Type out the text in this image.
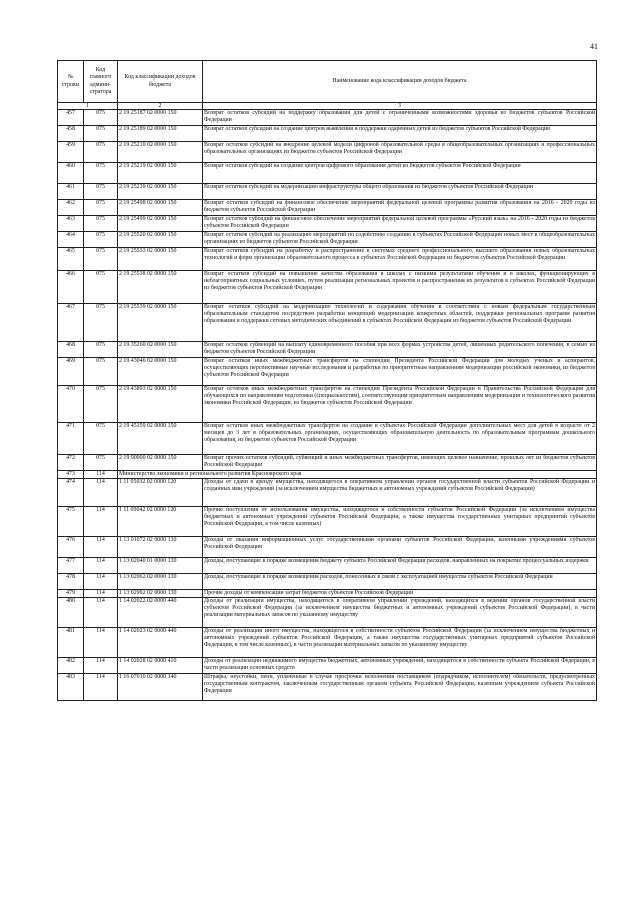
41
№ строки	Код главного админи-стратора	Код классификации доходов бюджета	Наименование кода классификации доходов бюджета
1		2	3
457	075	2 19 25187 02 0000 150	Возврат остатков субсидий на поддержку образования для детей с ограниченными возможностями здоровья из бюджетов субъектов Российской Федерации
458	075	2 19 25189 02 0000 150	Возврат остатков субсидий на создание центров выявления и поддержки одаренных детей из бюджетов субъектов Российской Федерации
459	075	2 19 25210 02 0000 150	Возврат остатков субсидий на внедрение целевой модели цифровой образовательной среды в общеобразовательных организациях и профессиональных образовательных организациях из бюджетов субъектов Российской Федерации
460	075	2 19 25219 02 0000 150	Возврат остатков субсидий на создание центров цифрового образования детей из бюджетов субъектов Российской Федерации
461	075	2 19 25239 02 0000 150	Возврат остатков субсидий на модернизацию инфраструктуры общего образования из бюджетов субъектов Российской Федерации
462	075	2 19 25498 02 0000 150	Возврат остатков субсидий на финансовое обеспечение мероприятий федеральной целевой программы развития образования на 2016 - 2020 годы из бюджетов субъектов Российской Федерации
463	075	2 19 25499 02 0000 150	Возврат остатков субсидий на финансовое обеспечение мероприятий федеральной целевой программы «Русский язык» на 2016 - 2020 годы из бюджетов субъектов Российской Федерации
464	075	2 19 25520 02 0000 150	Возврат остатков субсидий на реализацию мероприятий по содействию созданию в субъектах Российской Федерации новых мест в общеобразовательных организациях из бюджетов субъектов Российской Федерации
465	075	2 19 25533 02 0000 150	Возврат остатков субсидий на разработку и распространение в системах среднего профессионального, высшего образования новых образовательных технологий и форм организации образовательного процесса в субъектах Российской Федерации из бюджетов субъектов Российской Федерации
466	075	2 19 25538 02 0000 150	Возврат остатков субсидий на повышение качества образования в школах с низкими результатами обучения и в школах, функционирующих в неблагоприятных социальных условиях, путем реализации региональных проектов и распространения их результатов в субъектах Российской Федерации из бюджетов субъектов Российской Федерации
467	075	2 19 25539 02 0000 150	Возврат остатков субсидий на модернизацию технологий и содержания обучения в соответствии с новым федеральным государственным образовательным стандартом посредством разработки концепций модернизации конкретных областей, поддержки региональных программ развития образования и поддержки сетевых методических объединений в субъектах Российской Федерации из бюджетов субъектов Российской Федерации
468	075	2 19 35260 02 0000 150	Возврат остатков субвенций на выплату единовременного пособия при всех формах устройства детей, лишенных родительского попечения, в семью из бюджетов субъектов Российской Федерации
469	075	2 19 43046 02 0000 150	Возврат остатков иных межбюджетных трансфертов на стипендии Президента Российской Федерации для молодых ученых и аспирантов, осуществляющих перспективные научные исследования и разработки по приоритетным направлениям модернизации российской экономики, из бюджетов субъектов Российской Федерации
470	075	2 19 43893 02 0000 150	Возврат остатков иных межбюджетных трансфертов на стипендии Президента Российской Федерации и Правительства Российской Федерации для обучающихся по направлениям подготовки (специальностям), соответствующим приоритетным направлениям модернизации и технологического развития экономики Российской Федерации, из бюджетов субъектов Российской Федерации
471	075	2 19 45159 02 0000 150	Возврат остатков иных межбюджетных трансфертов на создание в субъектах Российской Федерации дополнительных мест для детей в возрасте от 2 месяцев до 3 лет в образовательных организациях, осуществляющих образовательную деятельность по образовательным программам дошкольного образования, из бюджетов субъектов Российской Федерации
472	075	2 19 90000 02 0000 150	Возврат прочих остатков субсидий, субвенций и иных межбюджетных трансфертов, имеющих целевое назначение, прошлых лет из бюджетов субъектов Российской Федерации
473	114	Министерство экономики и регионального развития Красноярского края	
474	114	1 11 05032 02 0000 120	Доходы от сдачи в аренду имущества, находящегося в оперативном управлении органов государственной власти субъектов Российской Федерации и созданных ими учреждений (за исключением имущества бюджетных и автономных учреждений субъектов Российской Федерации)
475	114	1 11 09042 02 0000 120	Прочие поступления от использования имущества, находящегося в собственности субъектов Российской Федерации (за исключением имущества бюджетных и автономных учреждений субъектов Российской Федерации, а также имущества государственных унитарных предприятий субъектов Российской Федерации, в том числе казенных)
476	114	1 13 01072 02 0000 130	Доходы от оказания информационных услуг государственными органами субъектов Российской Федерации, казенными учреждениями субъектов Российской Федерации
477	114	1 13 02040 01 0000 130	Доходы, поступающие в порядке возмещения бюджету субъекта Российской Федерации расходов, направленных на покрытие процессуальных издержек
478	114	1 13 02062 02 0000 130	Доходы, поступающие в порядке возмещения расходов, понесенных в связи с эксплуатацией имущества субъектов Российской Федерации
479	114	1 13 02992 02 0000 130	Прочие доходы от компенсации затрат бюджетов субъектов Российской Федерации
480	114	1 14 02022 02 0000 440	Доходы от реализации имущества, находящегося в оперативном управлении учреждений, находящихся в ведении органов государственной власти субъектов Российской Федерации (за исключением имущества бюджетных и автономных учреждений субъектов Российской Федерации), в части реализации материальных запасов по указанному имуществу
481	114	1 14 02023 02 0000 440	Доходы от реализации иного имущества, находящегося в собственности субъектов Российской Федерации (за исключением имущества бюджетных и автономных учреждений субъектов Российской Федерации, а также имущества государственных унитарных предприятий субъектов Российской Федерации, в том числе казенных), в части реализации материальных запасов по указанному имуществу
482	114	1 14 02028 02 0000 410	Доходы от реализации недвижимого имущества бюджетных, автономных учреждений, находящегося в собственности субъекта Российской Федерации, в части реализации основных средств
483	114	1 16 07010 02 0000 140	Штрафы, неустойки, пени, уплаченные в случае просрочки исполнения поставщиком (подрядчиком, исполнителем) обязательств, предусмотренных государственным контрактом, заключенным государственным органом субъекта Российской Федерации, казенным учреждением субъекта Российской Федерации
